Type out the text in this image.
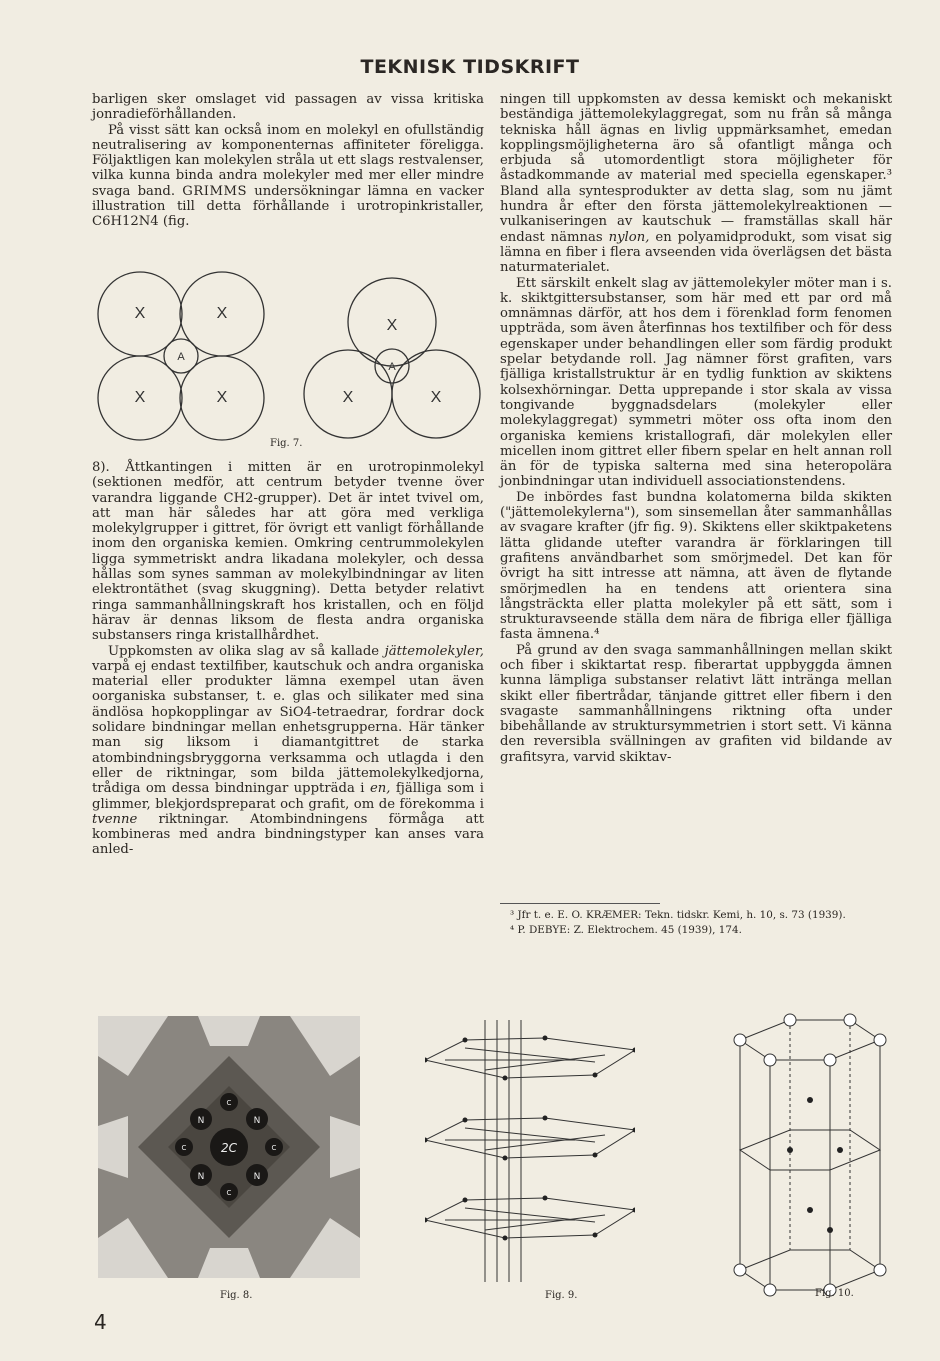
TEKNISK TIDSKRIFT

barligen sker omslaget vid passagen av vissa kritiska jonradieförhållanden.

På visst sätt kan också inom en molekyl en ofullständig neutralisering av komponenternas affiniteter föreligga. Följaktligen kan molekylen stråla ut ett slags restvalenser, vilka kunna binda andra molekyler med mer eller mindre svaga band. GRIMMS undersökningar lämna en vacker illustration till detta förhållande i urotropinkristaller, C6H12N4 (fig.

X	X
X	X
X
X	X
A
A
Fig. 7.

8). Åttkantingen i mitten är en urotropinmolekyl (sektionen medför, att centrum betyder tvenne över varandra liggande CH2-grupper). Det är intet tvivel om, att man här således har att göra med verkliga molekylgrupper i gittret, för övrigt ett vanligt förhållande inom den organiska kemien. Omkring centrummolekylen ligga symmetriskt andra likadana molekyler, och dessa hållas som synes samman av molekylbindningar av liten elektrontäthet (svag skuggning). Detta betyder relativt ringa sammanhållningskraft hos kristallen, och en följd härav är dennas liksom de flesta andra organiska substansers ringa kristallhårdhet.

Uppkomsten av olika slag av så kallade jättemolekyler, varpå ej endast textilfiber, kautschuk och andra organiska material eller produkter lämna exempel utan även oorganiska substanser, t. e. glas och silikater med sina ändlösa hopkopplingar av SiO4-tetraedrar, fordrar dock solidare bindningar mellan enhetsgrupperna. Här tänker man sig liksom i diamantgittret de starka atombindningsbryggorna verksamma och utlagda i den eller de riktningar, som bilda jättemolekylkedjorna, trådiga om dessa bindningar uppträda i en, fjälliga som i glimmer, blekjordspreparat och grafit, om de förekomma i tvenne riktningar. Atombindningens förmåga att kombineras med andra bindningstyper kan anses vara anled-

ningen till uppkomsten av dessa kemiskt och mekaniskt beständiga jättemolekylaggregat, som nu från så många tekniska håll ägnas en livlig uppmärksamhet, emedan kopplingsmöjligheterna äro så ofantligt många och erbjuda så utomordentligt stora möjligheter för åstadkommande av material med speciella egenskaper.³ Bland alla syntesprodukter av detta slag, som nu jämt hundra år efter den första jättemolekylreaktionen — vulkaniseringen av kautschuk — framställas skall här endast nämnas nylon, en polyamidprodukt, som visat sig lämna en fiber i flera avseenden vida överlägsen det bästa naturmaterialet.

Ett särskilt enkelt slag av jättemolekyler möter man i s. k. skiktgittersubstanser, som här med ett par ord må omnämnas därför, att hos dem i förenklad form fenomen uppträda, som även återfinnas hos textilfiber och för dess egenskaper under behandlingen eller som färdig produkt spelar betydande roll. Jag nämner först grafiten, vars fjälliga kristallstruktur är en tydlig funktion av skiktens kolsexhörningar. Detta upprepande i stor skala av vissa tongivande byggnadsdelars (molekyler eller molekylaggregat) symmetri möter oss ofta inom den organiska kemiens kristallografi, där molekylen eller micellen inom gittret eller fibern spelar en helt annan roll än för de typiska salterna med sina heteropolära jonbindningar utan individuell associationstendens.

De inbördes fast bundna kolatomerna bilda skikten ("jättemolekylerna"), som sinsemellan åter sammanhållas av svagare krafter (jfr fig. 9). Skiktens eller skiktpaketens lätta glidande utefter varandra är förklaringen till grafitens användbarhet som smörjmedel. Det kan för övrigt ha sitt intresse att nämna, att även de flytande smörjmedlen ha en tendens att orientera sina långsträckta eller platta molekyler på ett sätt, som i strukturavseende ställa dem nära de fibriga eller fjälliga fasta ämnena.⁴

På grund av den svaga sammanhållningen mellan skikt och fiber i skiktartat resp. fiberartat uppbyggda ämnen kunna lämpliga substanser relativt lätt intränga mellan skikt eller fibertrådar, tänjande gittret eller fibern i den svagaste sammanhållningens riktning ofta under bibehållande av struktursymmetrien i stort sett. Vi känna den reversibla svällningen av grafiten vid bildande av grafitsyra, varvid skiktav-

³ Jfr t. e. E. O. KRÆMER: Tekn. tidskr. Kemi, h. 10, s. 73 (1939).
⁴ P. DEBYE: Z. Elektrochem. 45 (1939), 174.
2C
N	N
N	N
C
C
C	C
Fig. 8.	Fig. 9.	Fig. 10.
4
